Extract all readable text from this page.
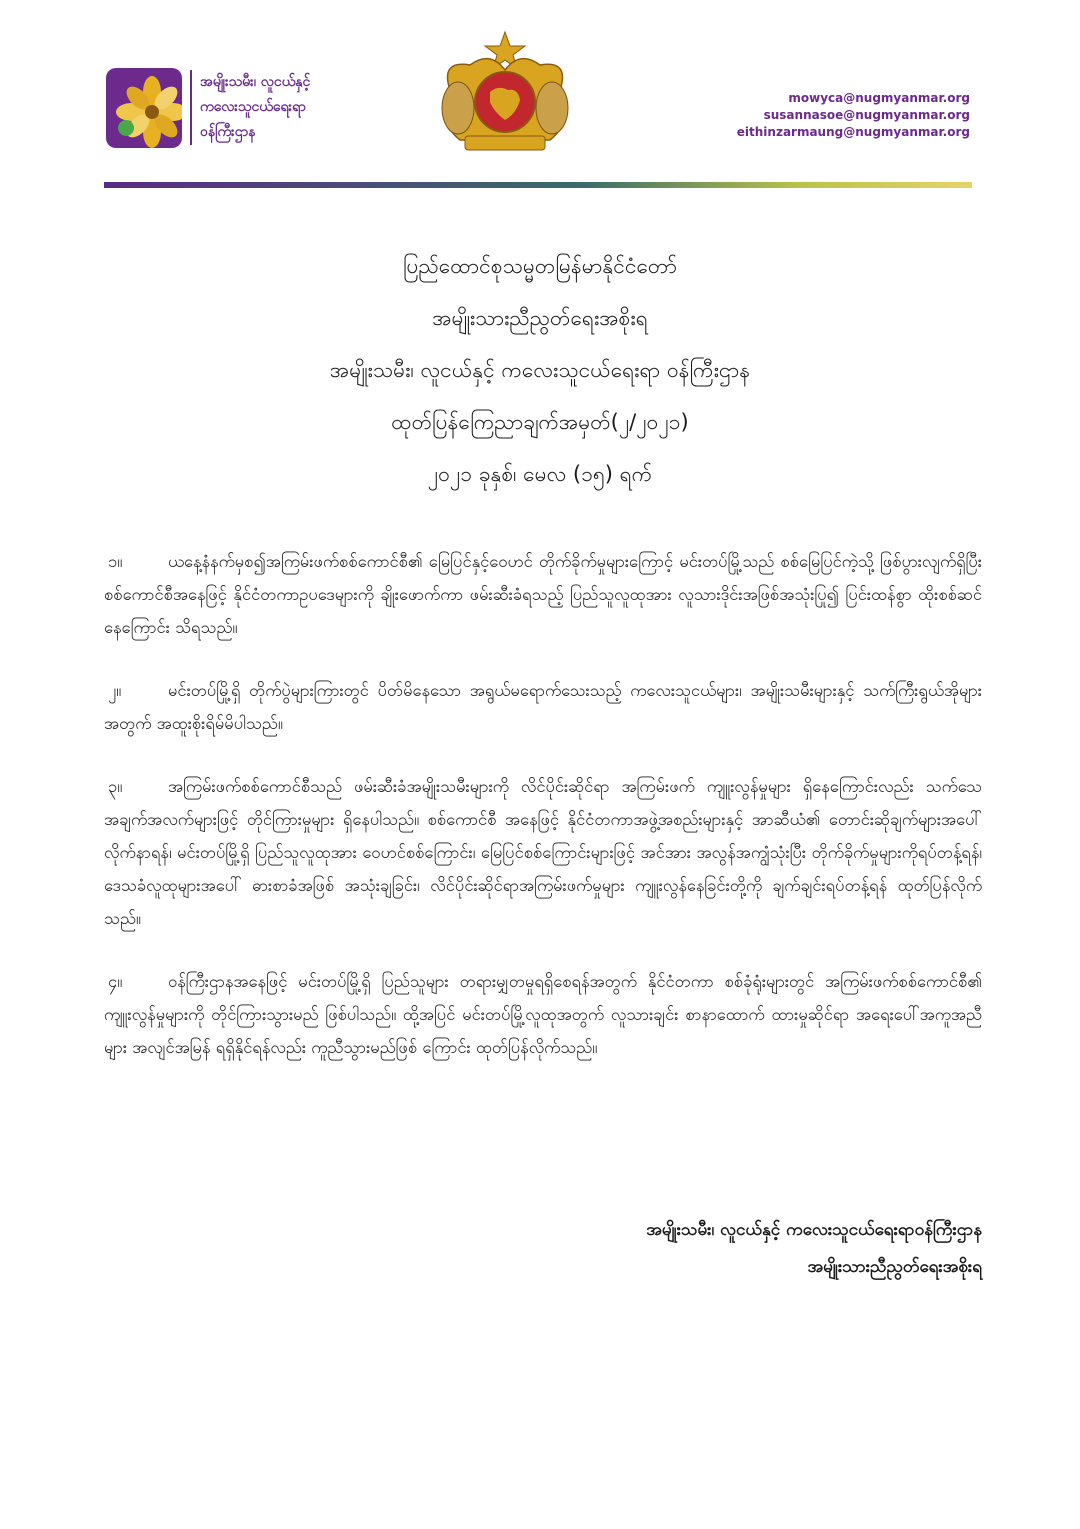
အမျိုးသမီး၊ လူငယ်နှင့်
ကလေးသူငယ်ရေးရာ
ဝန်ကြီးဌာန
mowyca@nugmyanmar.org
susannasoe@nugmyanmar.org
eithinzarmaung@nugmyanmar.org
ပြည်ထောင်စုသမ္မတမြန်မာနိုင်ငံတော်
အမျိုးသားညီညွတ်ရေးအစိုးရ
အမျိုးသမီး၊ လူငယ်နှင့် ကလေးသူငယ်ရေးရာ ဝန်ကြီးဌာန
ထုတ်ပြန်ကြေညာချက်အမှတ်(၂/၂၀၂၁)
၂၀၂၁ ခုနှစ်၊ မေလ (၁၅) ရက်

၁။	ယနေ့နံနက်မှစ၍အကြမ်းဖက်စစ်ကောင်စီ၏ မြေပြင်နှင့်ဝေဟင် တိုက်ခိုက်မှုများကြောင့် မင်းတပ်မြို့သည် စစ်မြေပြင်ကဲ့သို့ ဖြစ်ပွားလျက်ရှိပြီး စစ်ကောင်စီအနေဖြင့် နိုင်ငံတကာဥပဒေများကို ချိုးဖောက်ကာ ဖမ်းဆီးခံရသည့် ပြည်သူလူထုအား လူသားဒိုင်းအဖြစ်အသုံးပြု၍ ပြင်းထန်စွာ ထိုးစစ်ဆင်နေကြောင်း သိရသည်။

၂။	မင်းတပ်မြို့ရှိ တိုက်ပွဲများကြားတွင် ပိတ်မိနေသော အရွယ်မရောက်သေးသည့် ကလေးသူငယ်များ၊ အမျိုးသမီးများနှင့် သက်ကြီးရွယ်အိုများ အတွက် အထူးစိုးရိမ်မိပါသည်။

၃။	အကြမ်းဖက်စစ်ကောင်စီသည် ဖမ်းဆီးခံအမျိုးသမီးများကို လိင်ပိုင်းဆိုင်ရာ အကြမ်းဖက် ကျူးလွန်မှုများ ရှိနေကြောင်းလည်း သက်သေအချက်အလက်များဖြင့် တိုင်ကြားမှုများ ရှိနေပါသည်။ စစ်ကောင်စီ အနေဖြင့် နိုင်ငံတကာအဖွဲ့အစည်းများနှင့် အာဆီယံ၏ တောင်းဆိုချက်များအပေါ် လိုက်နာရန်၊ မင်းတပ်မြို့ရှိ ပြည်သူလူထုအား ဝေဟင်စစ်ကြောင်း၊ မြေပြင်စစ်ကြောင်းများဖြင့် အင်အား အလွန်အကျွံသုံးပြီး တိုက်ခိုက်မှုများကိုရပ်တန့်ရန်၊ ဒေသခံလူထုများအပေါ် ဓားစာခံအဖြစ် အသုံးချခြင်း၊ လိင်ပိုင်းဆိုင်ရာအကြမ်းဖက်မှုများ ကျူးလွန်နေခြင်းတို့ကို ချက်ချင်းရပ်တန့်ရန် ထုတ်ပြန်လိုက်သည်။

၄။	ဝန်ကြီးဌာနအနေဖြင့် မင်းတပ်မြို့ရှိ ပြည်သူများ တရားမျှတမှုရရှိစေရန်အတွက် နိုင်ငံတကာ စစ်ခုံရုံးများတွင် အကြမ်းဖက်စစ်ကောင်စီ၏ ကျူးလွန်မှုများကို တိုင်ကြားသွားမည် ဖြစ်ပါသည်။ ထို့အပြင် မင်းတပ်မြို့လူထုအတွက် လူသားချင်း စာနာထောက် ထားမှုဆိုင်ရာ အရေးပေါ်အကူအညီများ အလျင်အမြန် ရရှိနိုင်ရန်လည်း ကူညီသွားမည်ဖြစ် ကြောင်း ထုတ်ပြန်လိုက်သည်။

အမျိုးသမီး၊ လူငယ်နှင့် ကလေးသူငယ်ရေးရာဝန်ကြီးဌာန
အမျိုးသားညီညွတ်ရေးအစိုးရ
